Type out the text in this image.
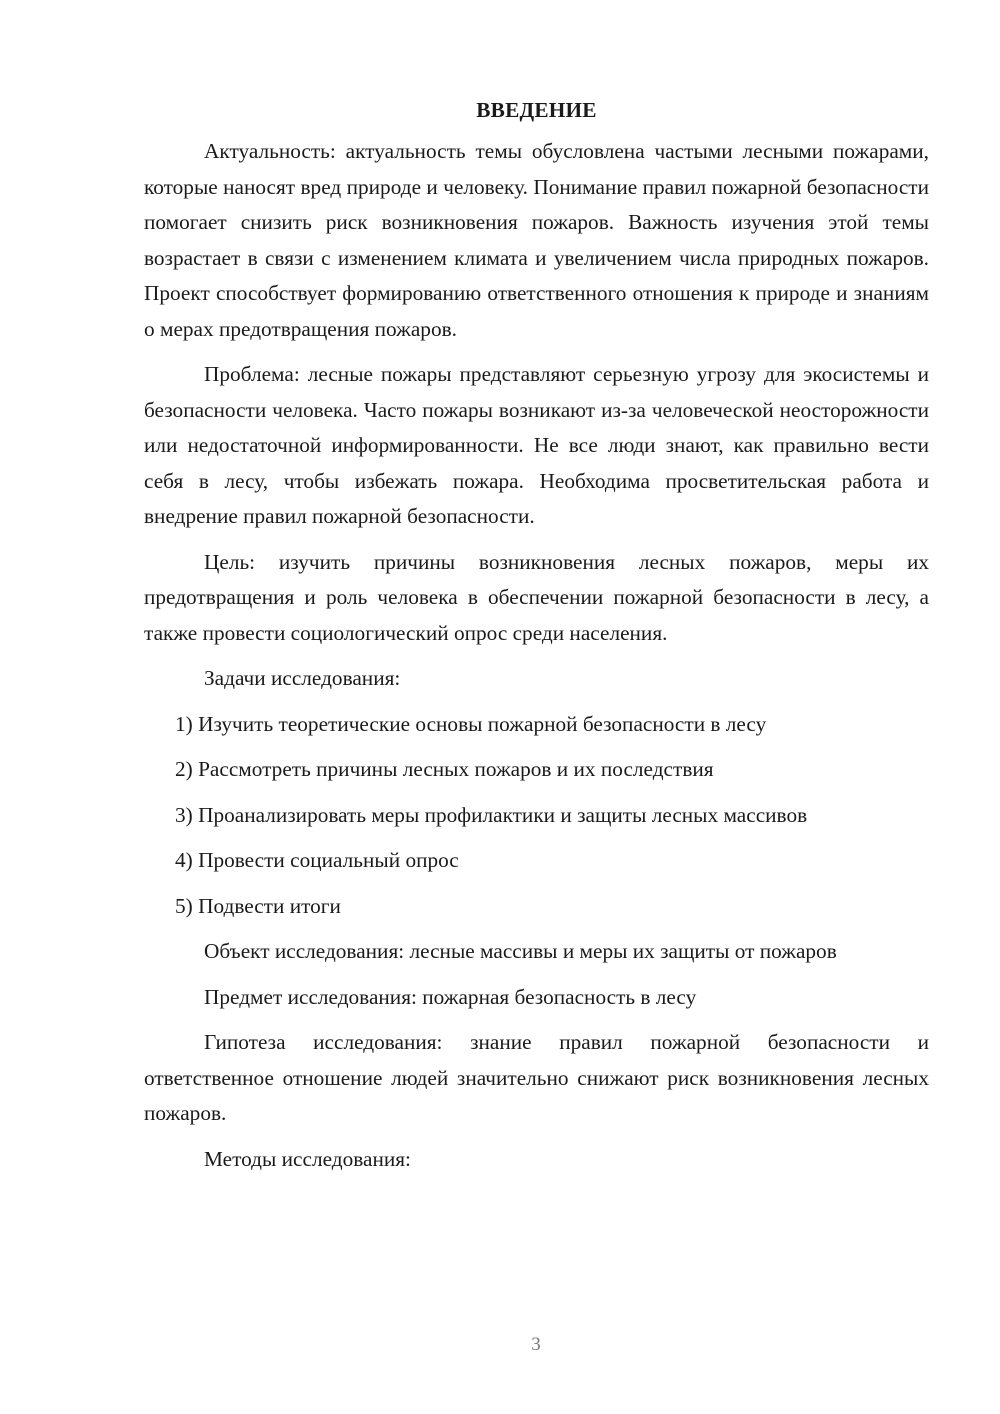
ВВЕДЕНИЕ

Актуальность: актуальность темы обусловлена частыми лесными пожарами, которые наносят вред природе и человеку. Понимание правил пожарной безопасности помогает снизить риск возникновения пожаров. Важность изучения этой темы возрастает в связи с изменением климата и увеличением числа природных пожаров. Проект способствует формированию ответственного отношения к природе и знаниям о мерах предотвращения пожаров.

Проблема: лесные пожары представляют серьезную угрозу для экосистемы и безопасности человека. Часто пожары возникают из-за человеческой неосторожности или недостаточной информированности. Не все люди знают, как правильно вести себя в лесу, чтобы избежать пожара. Необходима просветительская работа и внедрение правил пожарной безопасности.

Цель: изучить причины возникновения лесных пожаров, меры их предотвращения и роль человека в обеспечении пожарной безопасности в лесу, а также провести социологический опрос среди населения.

Задачи исследования:

1) Изучить теоретические основы пожарной безопасности в лесу

2) Рассмотреть причины лесных пожаров и их последствия

3) Проанализировать меры профилактики и защиты лесных массивов

4) Провести социальный опрос

5) Подвести итоги

Объект исследования: лесные массивы и меры их защиты от пожаров

Предмет исследования: пожарная безопасность в лесу

Гипотеза исследования: знание правил пожарной безопасности и ответственное отношение людей значительно снижают риск возникновения лесных пожаров.

Методы исследования:

3
